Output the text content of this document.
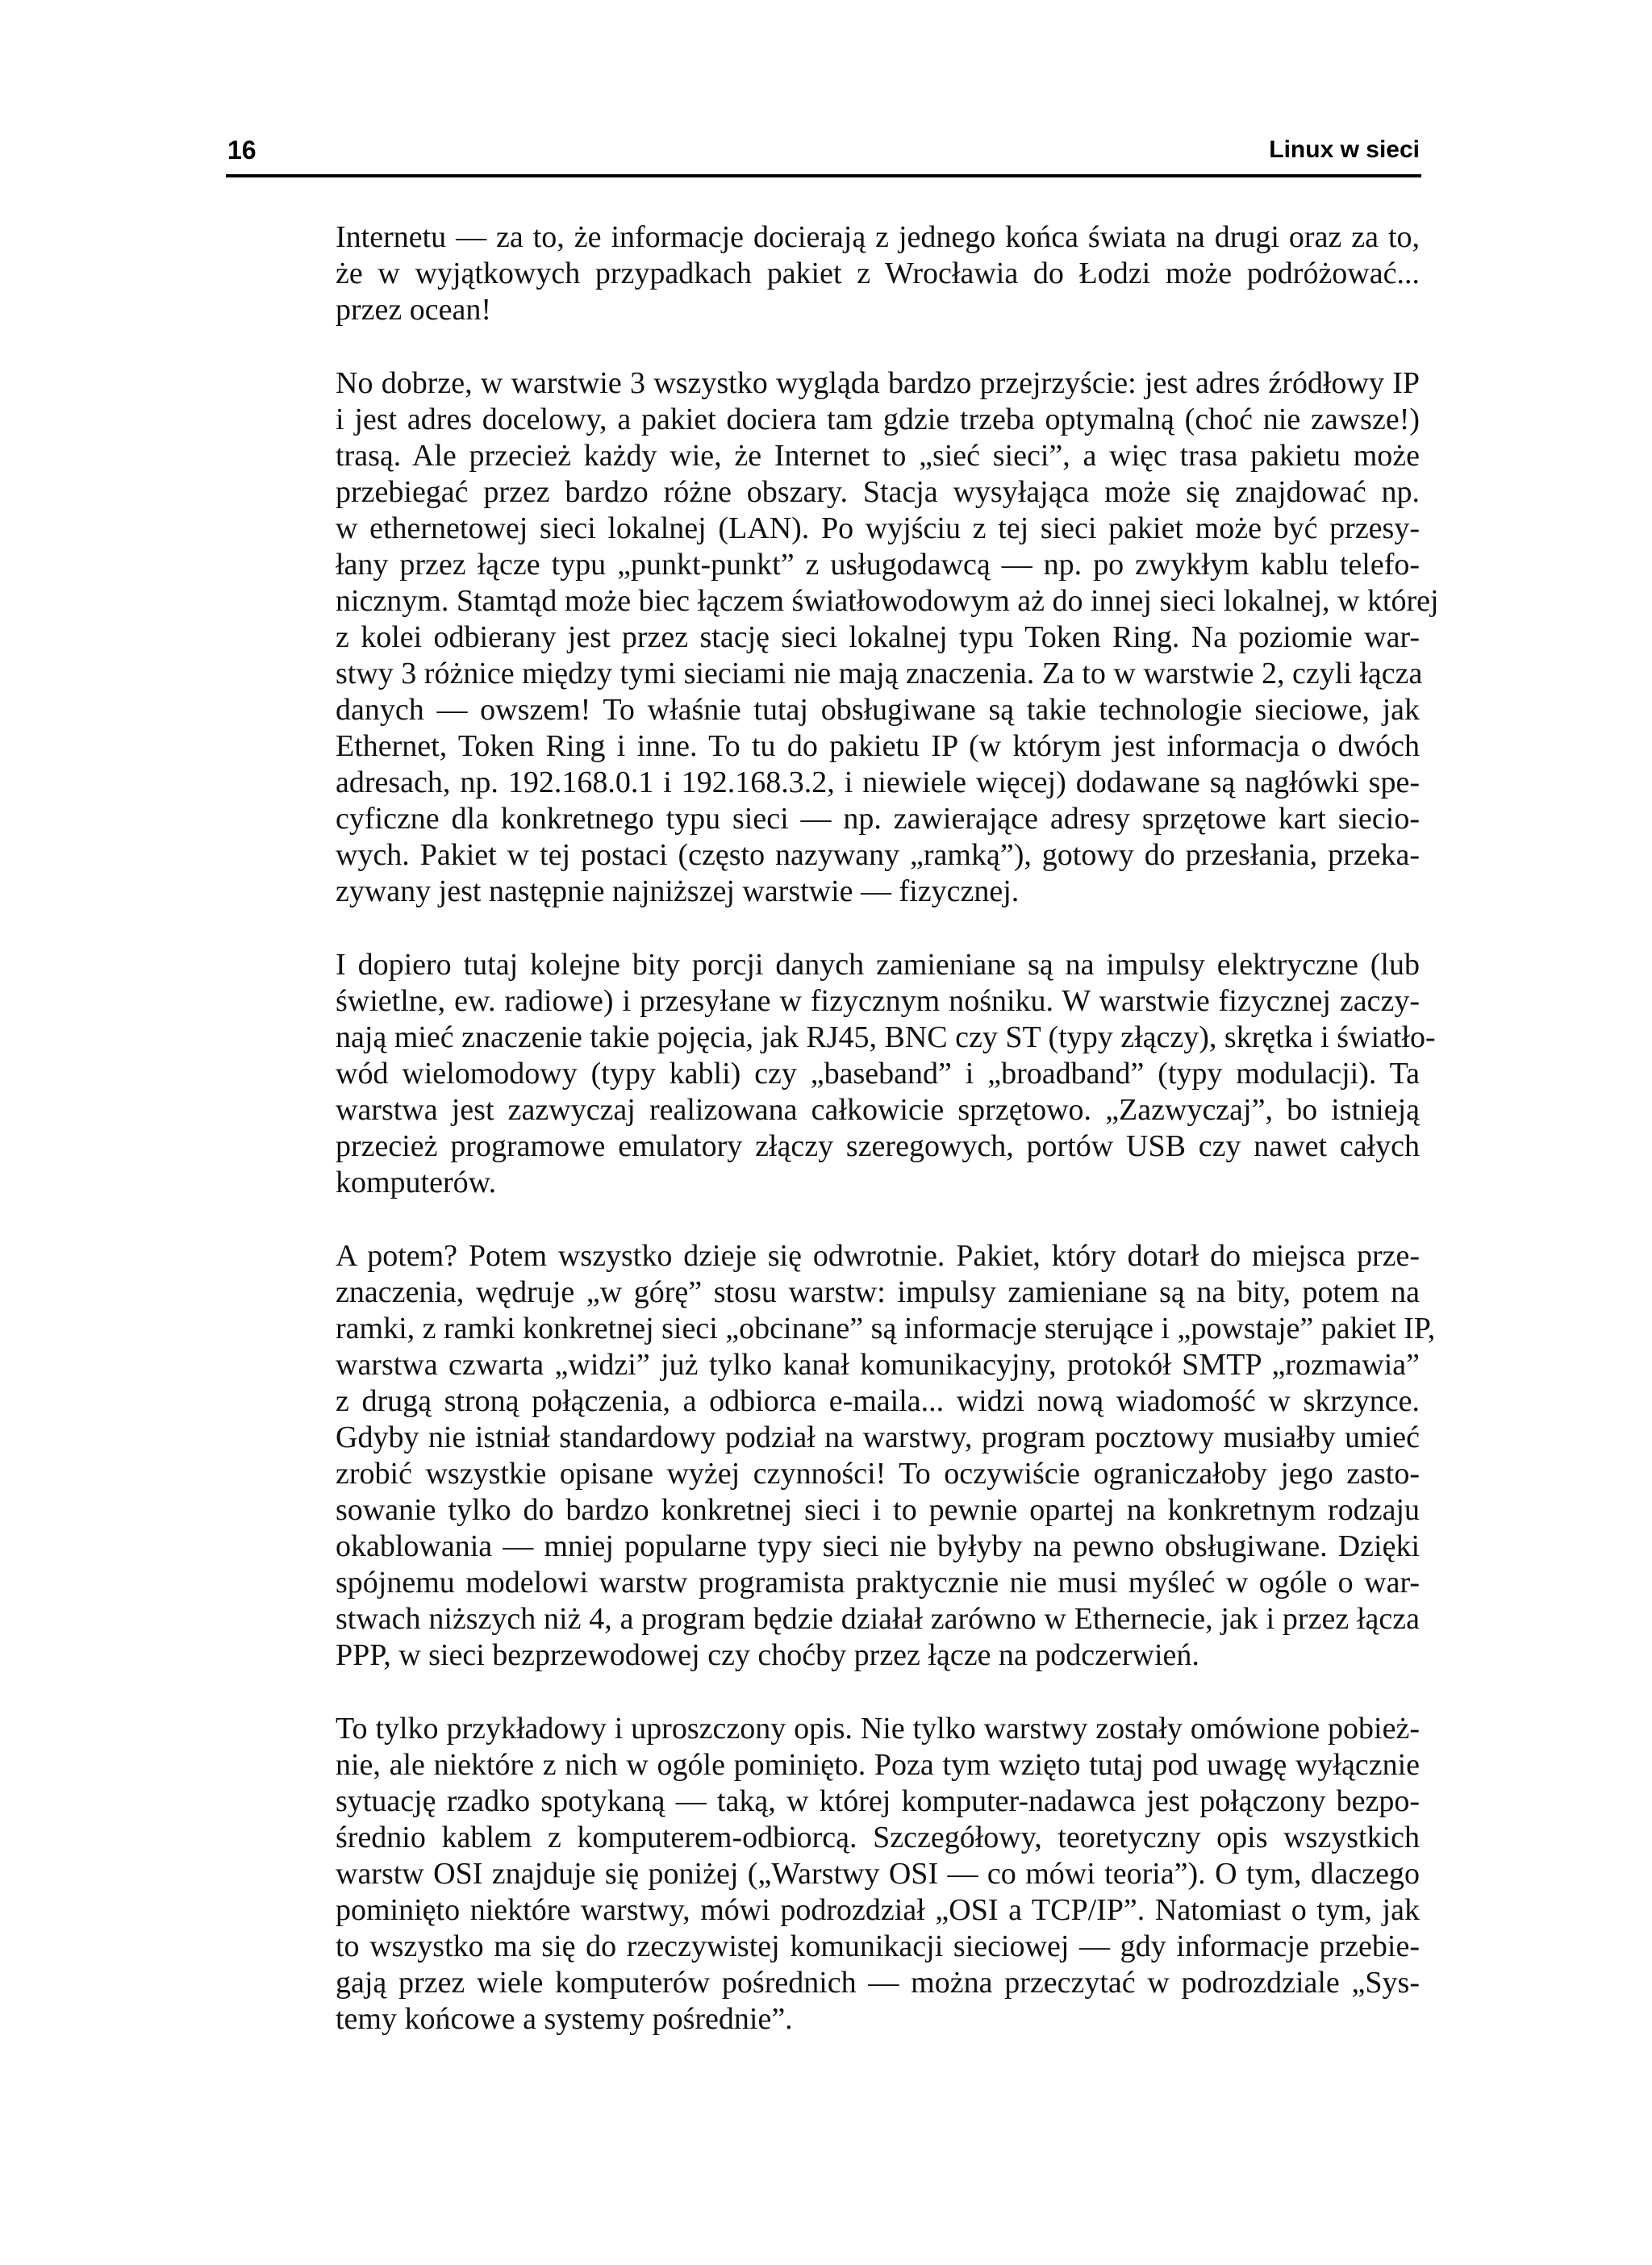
16	Linux w sieci
Internetu — za to, że informacje docierają z jednego końca świata na drugi oraz za to,
że w wyjątkowych przypadkach pakiet z Wrocławia do Łodzi może podróżować...
przez ocean!
No dobrze, w warstwie 3 wszystko wygląda bardzo przejrzyście: jest adres źródłowy IP
i jest adres docelowy, a pakiet dociera tam gdzie trzeba optymalną (choć nie zawsze!)
trasą. Ale przecież każdy wie, że Internet to „sieć sieci”, a więc trasa pakietu może
przebiegać przez bardzo różne obszary. Stacja wysyłająca może się znajdować np.
w ethernetowej sieci lokalnej (LAN). Po wyjściu z tej sieci pakiet może być przesy-
łany przez łącze typu „punkt-punkt” z usługodawcą — np. po zwykłym kablu telefo-
nicznym. Stamtąd może biec łączem światłowodowym aż do innej sieci lokalnej, w której
z kolei odbierany jest przez stację sieci lokalnej typu Token Ring. Na poziomie war-
stwy 3 różnice między tymi sieciami nie mają znaczenia. Za to w warstwie 2, czyli łącza
danych — owszem! To właśnie tutaj obsługiwane są takie technologie sieciowe, jak
Ethernet, Token Ring i inne. To tu do pakietu IP (w którym jest informacja o dwóch
adresach, np. 192.168.0.1 i 192.168.3.2, i niewiele więcej) dodawane są nagłówki spe-
cyficzne dla konkretnego typu sieci — np. zawierające adresy sprzętowe kart siecio-
wych. Pakiet w tej postaci (często nazywany „ramką”), gotowy do przesłania, przeka-
zywany jest następnie najniższej warstwie — fizycznej.
I dopiero tutaj kolejne bity porcji danych zamieniane są na impulsy elektryczne (lub
świetlne, ew. radiowe) i przesyłane w fizycznym nośniku. W warstwie fizycznej zaczy-
nają mieć znaczenie takie pojęcia, jak RJ45, BNC czy ST (typy złączy), skrętka i światło-
wód wielomodowy (typy kabli) czy „baseband” i „broadband” (typy modulacji). Ta
warstwa jest zazwyczaj realizowana całkowicie sprzętowo. „Zazwyczaj”, bo istnieją
przecież programowe emulatory złączy szeregowych, portów USB czy nawet całych
komputerów.
A potem? Potem wszystko dzieje się odwrotnie. Pakiet, który dotarł do miejsca prze-
znaczenia, wędruje „w górę” stosu warstw: impulsy zamieniane są na bity, potem na
ramki, z ramki konkretnej sieci „obcinane” są informacje sterujące i „powstaje” pakiet IP,
warstwa czwarta „widzi” już tylko kanał komunikacyjny, protokół SMTP „rozmawia”
z drugą stroną połączenia, a odbiorca e-maila... widzi nową wiadomość w skrzynce.
Gdyby nie istniał standardowy podział na warstwy, program pocztowy musiałby umieć
zrobić wszystkie opisane wyżej czynności! To oczywiście ograniczałoby jego zasto-
sowanie tylko do bardzo konkretnej sieci i to pewnie opartej na konkretnym rodzaju
okablowania — mniej popularne typy sieci nie byłyby na pewno obsługiwane. Dzięki
spójnemu modelowi warstw programista praktycznie nie musi myśleć w ogóle o war-
stwach niższych niż 4, a program będzie działał zarówno w Ethernecie, jak i przez łącza
PPP, w sieci bezprzewodowej czy choćby przez łącze na podczerwień.
To tylko przykładowy i uproszczony opis. Nie tylko warstwy zostały omówione pobież-
nie, ale niektóre z nich w ogóle pominięto. Poza tym wzięto tutaj pod uwagę wyłącznie
sytuację rzadko spotykaną — taką, w której komputer-nadawca jest połączony bezpo-
średnio kablem z komputerem-odbiorcą. Szczegółowy, teoretyczny opis wszystkich
warstw OSI znajduje się poniżej („Warstwy OSI — co mówi teoria”). O tym, dlaczego
pominięto niektóre warstwy, mówi podrozdział „OSI a TCP/IP”. Natomiast o tym, jak
to wszystko ma się do rzeczywistej komunikacji sieciowej — gdy informacje przebie-
gają przez wiele komputerów pośrednich — można przeczytać w podrozdziale „Sys-
temy końcowe a systemy pośrednie”.
